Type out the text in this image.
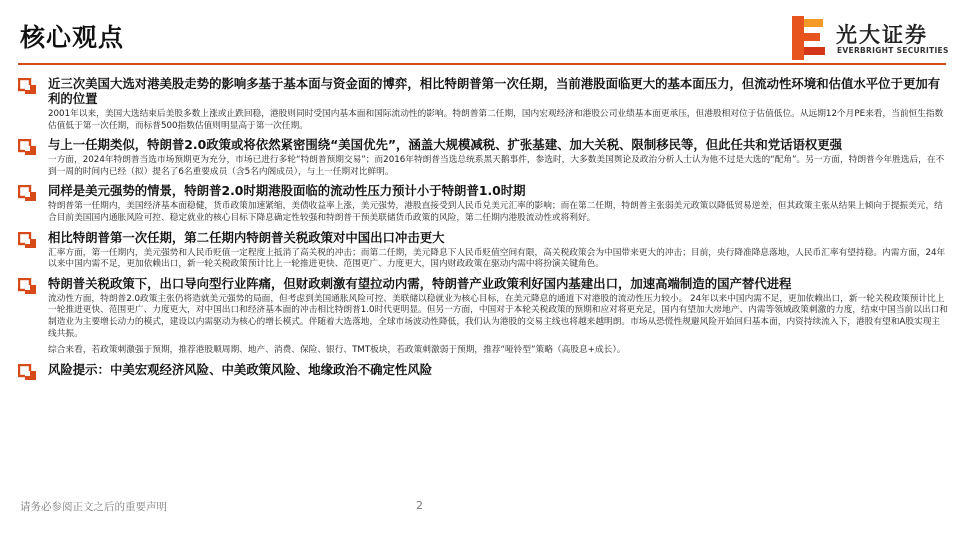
核心观点	光大证券
EVERBRIGHT SECURITIES
近三次美国大选对港美股走势的影响多基于基本面与资金面的博弈，相比特朗普第一次任期，当前港股面临更大的基本面压力，但流动性环境和估值水平位于更加有利的位置
2001年以来，美国大选结束后美股多数上涨或止跌回稳，港股则同时受国内基本面和国际流动性的影响。特朗普第二任期，国内宏观经济和港股公司业绩基本面更承压，但港股相对位于估值低位。从远期12个月PE来看，当前恒生指数估值低于第一次任期，而标普500指数估值则明显高于第一次任期。
与上一任期类似，特朗普2.0政策或将依然紧密围绕“美国优先”，涵盖大规模减税、扩张基建、加大关税、限制移民等，但此任共和党话语权更强
一方面，2024年特朗普当选市场预期更为充分，市场已进行多轮“特朗普预期交易”；而2016年特朗普当选总统系黑天鹅事件，参选时，大多数美国舆论及政治分析人士认为他不过是大选的“配角”。另一方面，特朗普今年胜选后，在不到一周的时间内已经（拟）提名了6名重要成员（含5名内阁成员），与上一任期对比鲜明。
同样是美元强势的情景，特朗普2.0时期港股面临的流动性压力预计小于特朗普1.0时期
特朗普第一任期内，美国经济基本面稳健，货币政策加速紧缩，美债收益率上涨，美元强势，港股直接受到人民币兑美元汇率的影响；而在第二任期，特朗普主张弱美元政策以降低贸易逆差，但其政策主张从结果上倾向于提振美元，结合目前美国国内通胀风险可控、稳定就业的核心目标下降息确定性较强和特朗普干预美联储货币政策的风险，第二任期内港股流动性或将利好。
相比特朗普第一次任期，第二任期内特朗普关税政策对中国出口冲击更大
汇率方面，第一任期内，美元强势和人民币贬值一定程度上抵消了高关税的冲击；而第二任期，美元降息下人民币贬值空间有限，高关税政策会为中国带来更大的冲击；目前，央行降准降息落地，人民币汇率有望持稳。内需方面，24年以来中国内需不足，更加依赖出口，新一轮关税政策预计比上一轮推进更快、范围更广、力度更大，国内财政政策在驱动内需中将扮演关键角色。
特朗普关税政策下，出口导向型行业阵痛，但财政刺激有望拉动内需，特朗普产业政策利好国内基建出口，加速高端制造的国产替代进程
流动性方面，特朗普2.0政策主张仍将造就美元强势的局面，但考虑到美国通胀风险可控、美联储以稳就业为核心目标，在美元降息的通道下对港股的流动性压力较小。 24年以来中国内需不足，更加依赖出口，新一轮关税政策预计比上一轮推进更快、范围更广、力度更大，对中国出口和经济基本面的冲击相比特朗普1.0时代更明显。但另一方面，中国对于本轮关税政策的预期和应对将更充足，国内有望加大房地产、内需等领域政策刺激的力度，结束中国当前以出口和制造业为主要增长动力的模式，建设以内需驱动为核心的增长模式。伴随着大选落地，全球市场波动性降低，我们认为港股的交易主线也将越来越明朗。市场从恐慌性规避风险开始回归基本面，内资持续流入下，港股有望和A股实现主线共振。
综合来看，若政策刺激强于预期，推荐港股顺周期、地产、消费、保险、银行、TMT板块，若政策刺激弱于预期，推荐“哑铃型”策略（高股息+成长）。
风险提示：中美宏观经济风险、中美政策风险、地缘政治不确定性风险
请务必参阅正文之后的重要声明	2
